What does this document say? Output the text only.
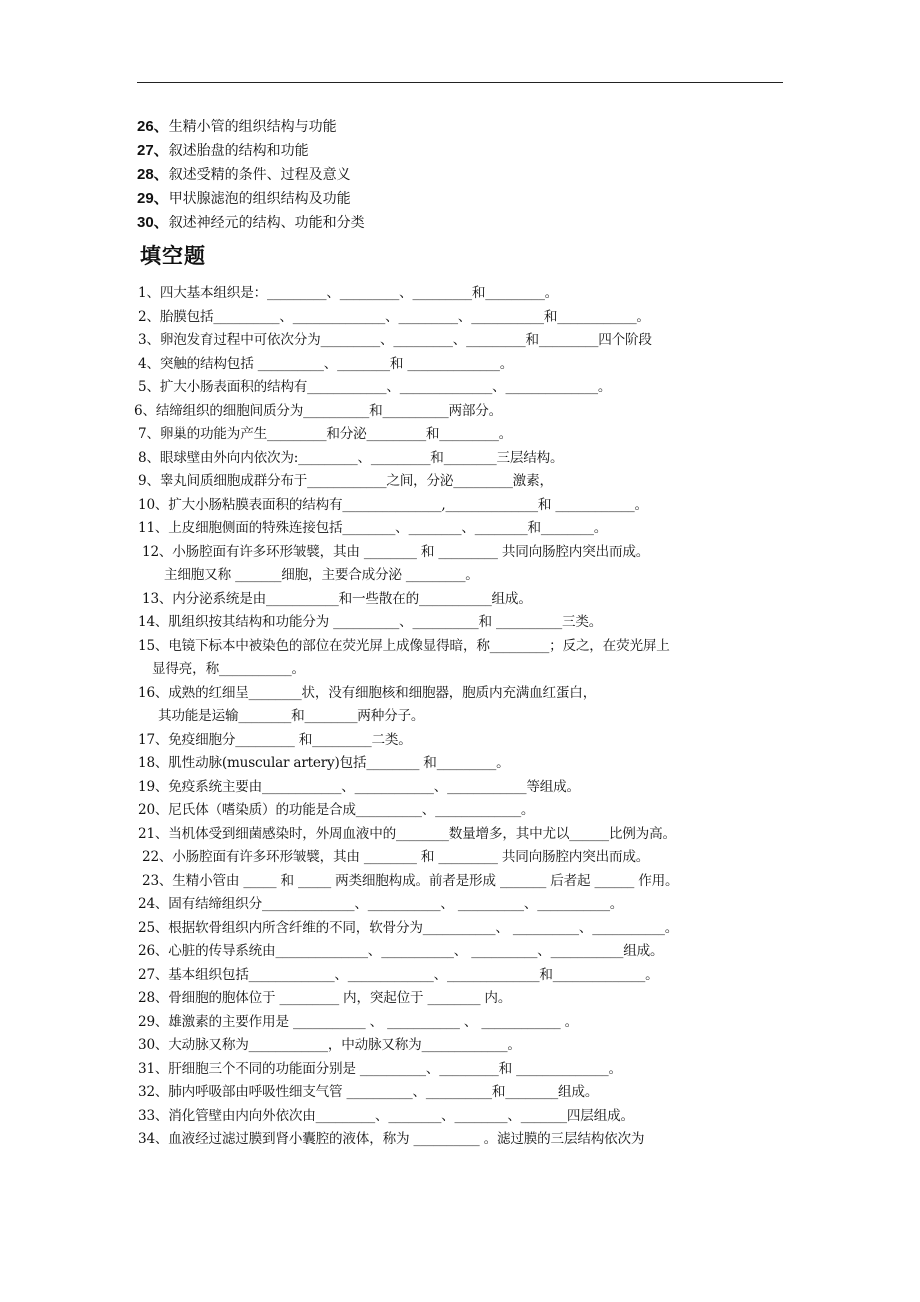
26、生精小管的组织结构与功能
27、叙述胎盘的结构和功能
28、叙述受精的条件、过程及意义
29、甲状腺滤泡的组织结构及功能
30、叙述神经元的结构、功能和分类
填空题
1、四大基本组织是：_________、_________、_________和_________。
2、胎膜包括__________、______________、_________、___________和____________。
3、卵泡发育过程中可依次分为_________、_________、_________和_________四个阶段
4、突触的结构包括 __________、________和 ______________。
5、扩大小肠表面积的结构有____________、______________、______________。
6、结缔组织的细胞间质分为__________和__________两部分。
7、卵巢的功能为产生_________和分泌_________和_________。
8、眼球壁由外向内依次为:_________、_________和________三层结构。
9、睾丸间质细胞成群分布于____________之间，分泌_________激素，
10、扩大小肠粘膜表面积的结构有_______________,______________和 ____________。
11、上皮细胞侧面的特殊连接包括________、________、________和________。
12、小肠腔面有许多环形皱襞，其由 ________ 和 _________ 共同向肠腔内突出而成。
主细胞又称 _______细胞，主要合成分泌 _________。
13、内分泌系统是由___________和一些散在的___________组成。
14、肌组织按其结构和功能分为 __________、__________和 __________三类。
15、电镜下标本中被染色的部位在荧光屏上成像显得暗，称_________；反之，在荧光屏上
显得亮，称___________。
16、成熟的红细呈________状，没有细胞核和细胞器，胞质内充满血红蛋白，
其功能是运输________和________两种分子。
17、免疫细胞分_________ 和_________二类。
18、肌性动脉(muscular artery)包括________ 和_________。
19、免疫系统主要由____________、____________、____________等组成。
20、尼氏体（嗜染质）的功能是合成__________、_____________。
21、当机体受到细菌感染时，外周血液中的________数量增多，其中尤以______比例为高。
22、小肠腔面有许多环形皱襞，其由 ________ 和 _________ 共同向肠腔内突出而成。
23、生精小管由 _____ 和 _____ 两类细胞构成。前者是形成 _______ 后者起 ______ 作用。
24、固有结缔组织分______________、___________、 __________、___________。
25、根据软骨组织内所含纤维的不同，软骨分为___________、 __________、___________。
26、心脏的传导系统由______________、___________、 __________、___________组成。
27、基本组织包括_____________、_____________、______________和______________。
28、骨细胞的胞体位于 _________ 内，突起位于 ________ 内。
29、雄激素的主要作用是 ___________ 、 ___________ 、 ____________ 。
30、大动脉又称为____________，中动脉又称为_____________。
31、肝细胞三个不同的功能面分别是 __________、_________和 ______________。
32、肺内呼吸部由呼吸性细支气管 __________、__________和________组成。
33、消化管壁由内向外依次由_________、________、________、_______四层组成。
34、血液经过滤过膜到肾小囊腔的液体，称为 __________ 。滤过膜的三层结构依次为
